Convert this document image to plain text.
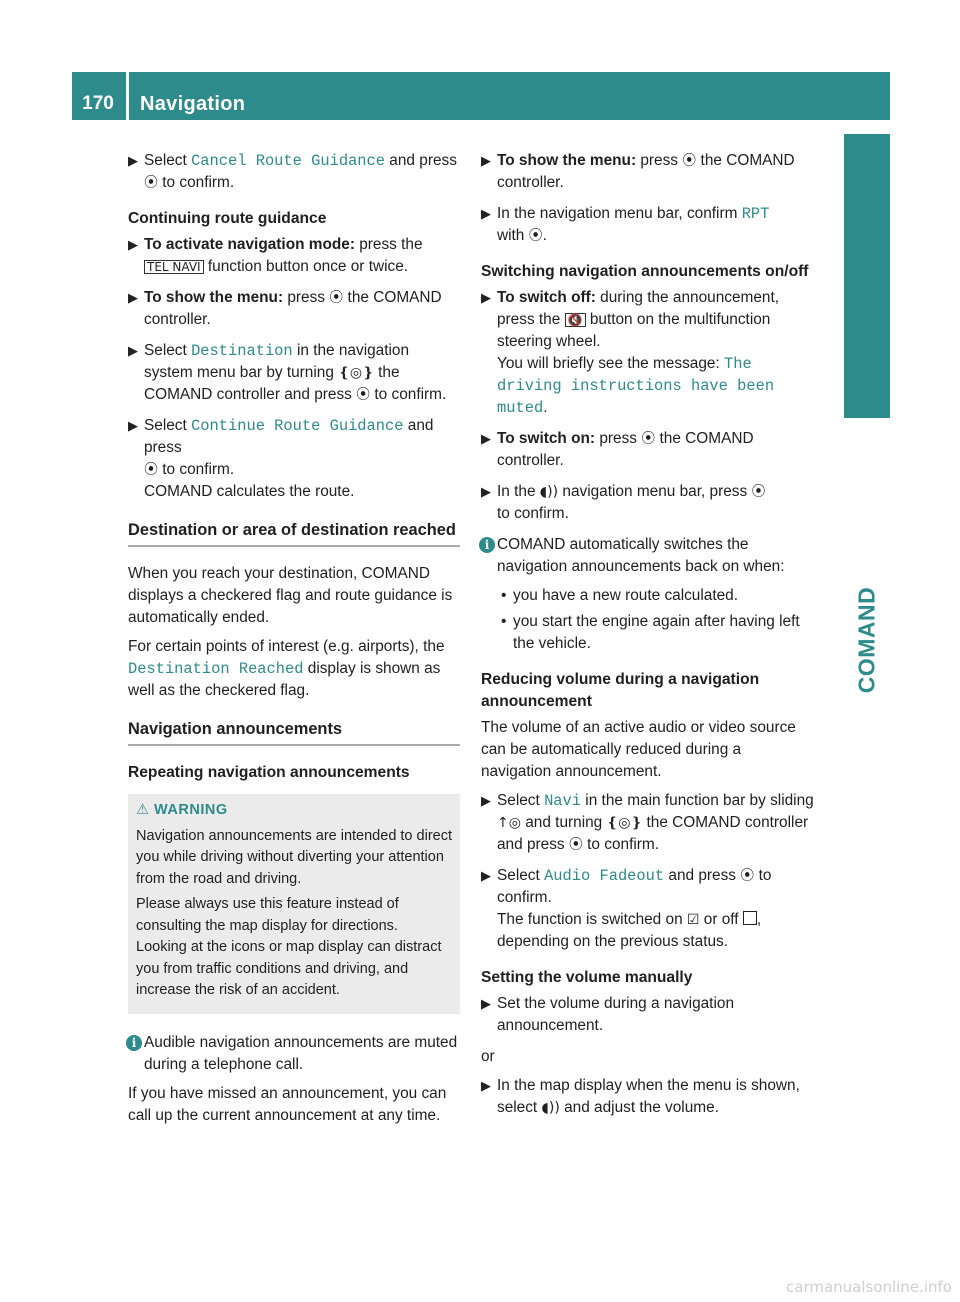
170	Navigation
COMAND
▶ Select Cancel Route Guidance and press
⦿ to confirm.
Continuing route guidance
▶ To activate navigation mode: press the
TEL NAVI function button once or twice.
▶ To show the menu: press ⦿ the COMAND controller.
▶ Select Destination in the navigation system menu bar by turning ❴◎❵ the COMAND controller and press ⦿ to confirm.
▶ Select Continue Route Guidance and press
⦿ to confirm.
COMAND calculates the route.
Destination or area of destination reached

When you reach your destination, COMAND displays a checkered flag and route guidance is automatically ended.

For certain points of interest (e.g. airports), the Destination Reached display is shown as well as the checkered flag.

Navigation announcements
Repeating navigation announcements
⚠ WARNING

Navigation announcements are intended to direct you while driving without diverting your attention from the road and driving.

Please always use this feature instead of consulting the map display for directions. Looking at the icons or map display can distract you from traffic conditions and driving, and increase the risk of an accident.

i Audible navigation announcements are muted during a telephone call.

If you have missed an announcement, you can call up the current announcement at any time.

▶ To show the menu: press ⦿ the COMAND controller.
▶ In the navigation menu bar, confirm RPT
with ⦿.
Switching navigation announcements on/off
▶ To switch off: during the announcement, press the 🔇 button on the multifunction steering wheel.
You will briefly see the message: The driving instructions have been muted.
▶ To switch on: press ⦿ the COMAND controller.
▶ In the ◖)) navigation menu bar, press ⦿
to confirm.
i COMAND automatically switches the navigation announcements back on when:
• you have a new route calculated.
• you start the engine again after having left the vehicle.
Reducing volume during a navigation announcement

The volume of an active audio or video source can be automatically reduced during a navigation announcement.

▶ Select Navi in the main function bar by sliding ↑◎ and turning ❴◎❵ the COMAND controller and press ⦿ to confirm.
▶ Select Audio Fadeout and press ⦿ to confirm.
The function is switched on ☑ or off ,
depending on the previous status.
Setting the volume manually
▶ Set the volume during a navigation announcement.

or

▶ In the map display when the menu is shown, select ◖)) and adjust the volume.
carmanualsonline.info
